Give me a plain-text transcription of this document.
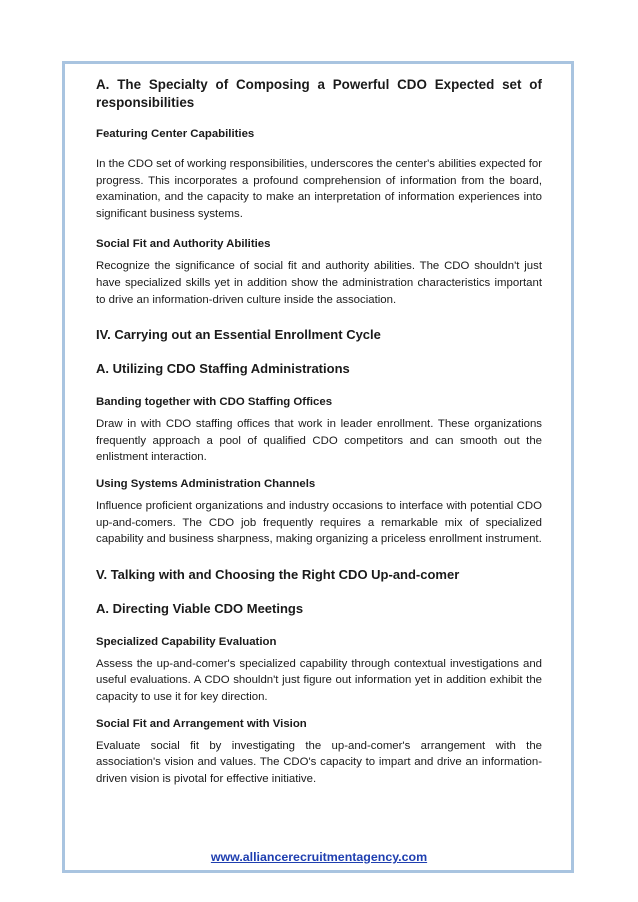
A. The Specialty of Composing a Powerful CDO Expected set of
responsibilities
Featuring Center Capabilities

In the CDO set of working responsibilities, underscores the center's abilities expected for progress. This incorporates a profound comprehension of information from the board, examination, and the capacity to make an interpretation of information experiences into significant business systems.

Social Fit and Authority Abilities

Recognize the significance of social fit and authority abilities. The CDO shouldn't just have specialized skills yet in addition show the administration characteristics important to drive an information-driven culture inside the association.

IV. Carrying out an Essential Enrollment Cycle
A. Utilizing CDO Staffing Administrations
Banding together with CDO Staffing Offices

Draw in with CDO staffing offices that work in leader enrollment. These organizations frequently approach a pool of qualified CDO competitors and can smooth out the enlistment interaction.

Using Systems Administration Channels

Influence proficient organizations and industry occasions to interface with potential CDO up-and-comers. The CDO job frequently requires a remarkable mix of specialized capability and business sharpness, making organizing a priceless enrollment instrument.

V. Talking with and Choosing the Right CDO Up-and-comer
A. Directing Viable CDO Meetings
Specialized Capability Evaluation

Assess the up-and-comer's specialized capability through contextual investigations and useful evaluations. A CDO shouldn't just figure out information yet in addition exhibit the capacity to use it for key direction.

Social Fit and Arrangement with Vision

Evaluate social fit by investigating the up-and-comer's arrangement with the association's vision and values. The CDO's capacity to impart and drive an information-driven vision is pivotal for effective initiative.

www.alliancerecruitmentagency.com
